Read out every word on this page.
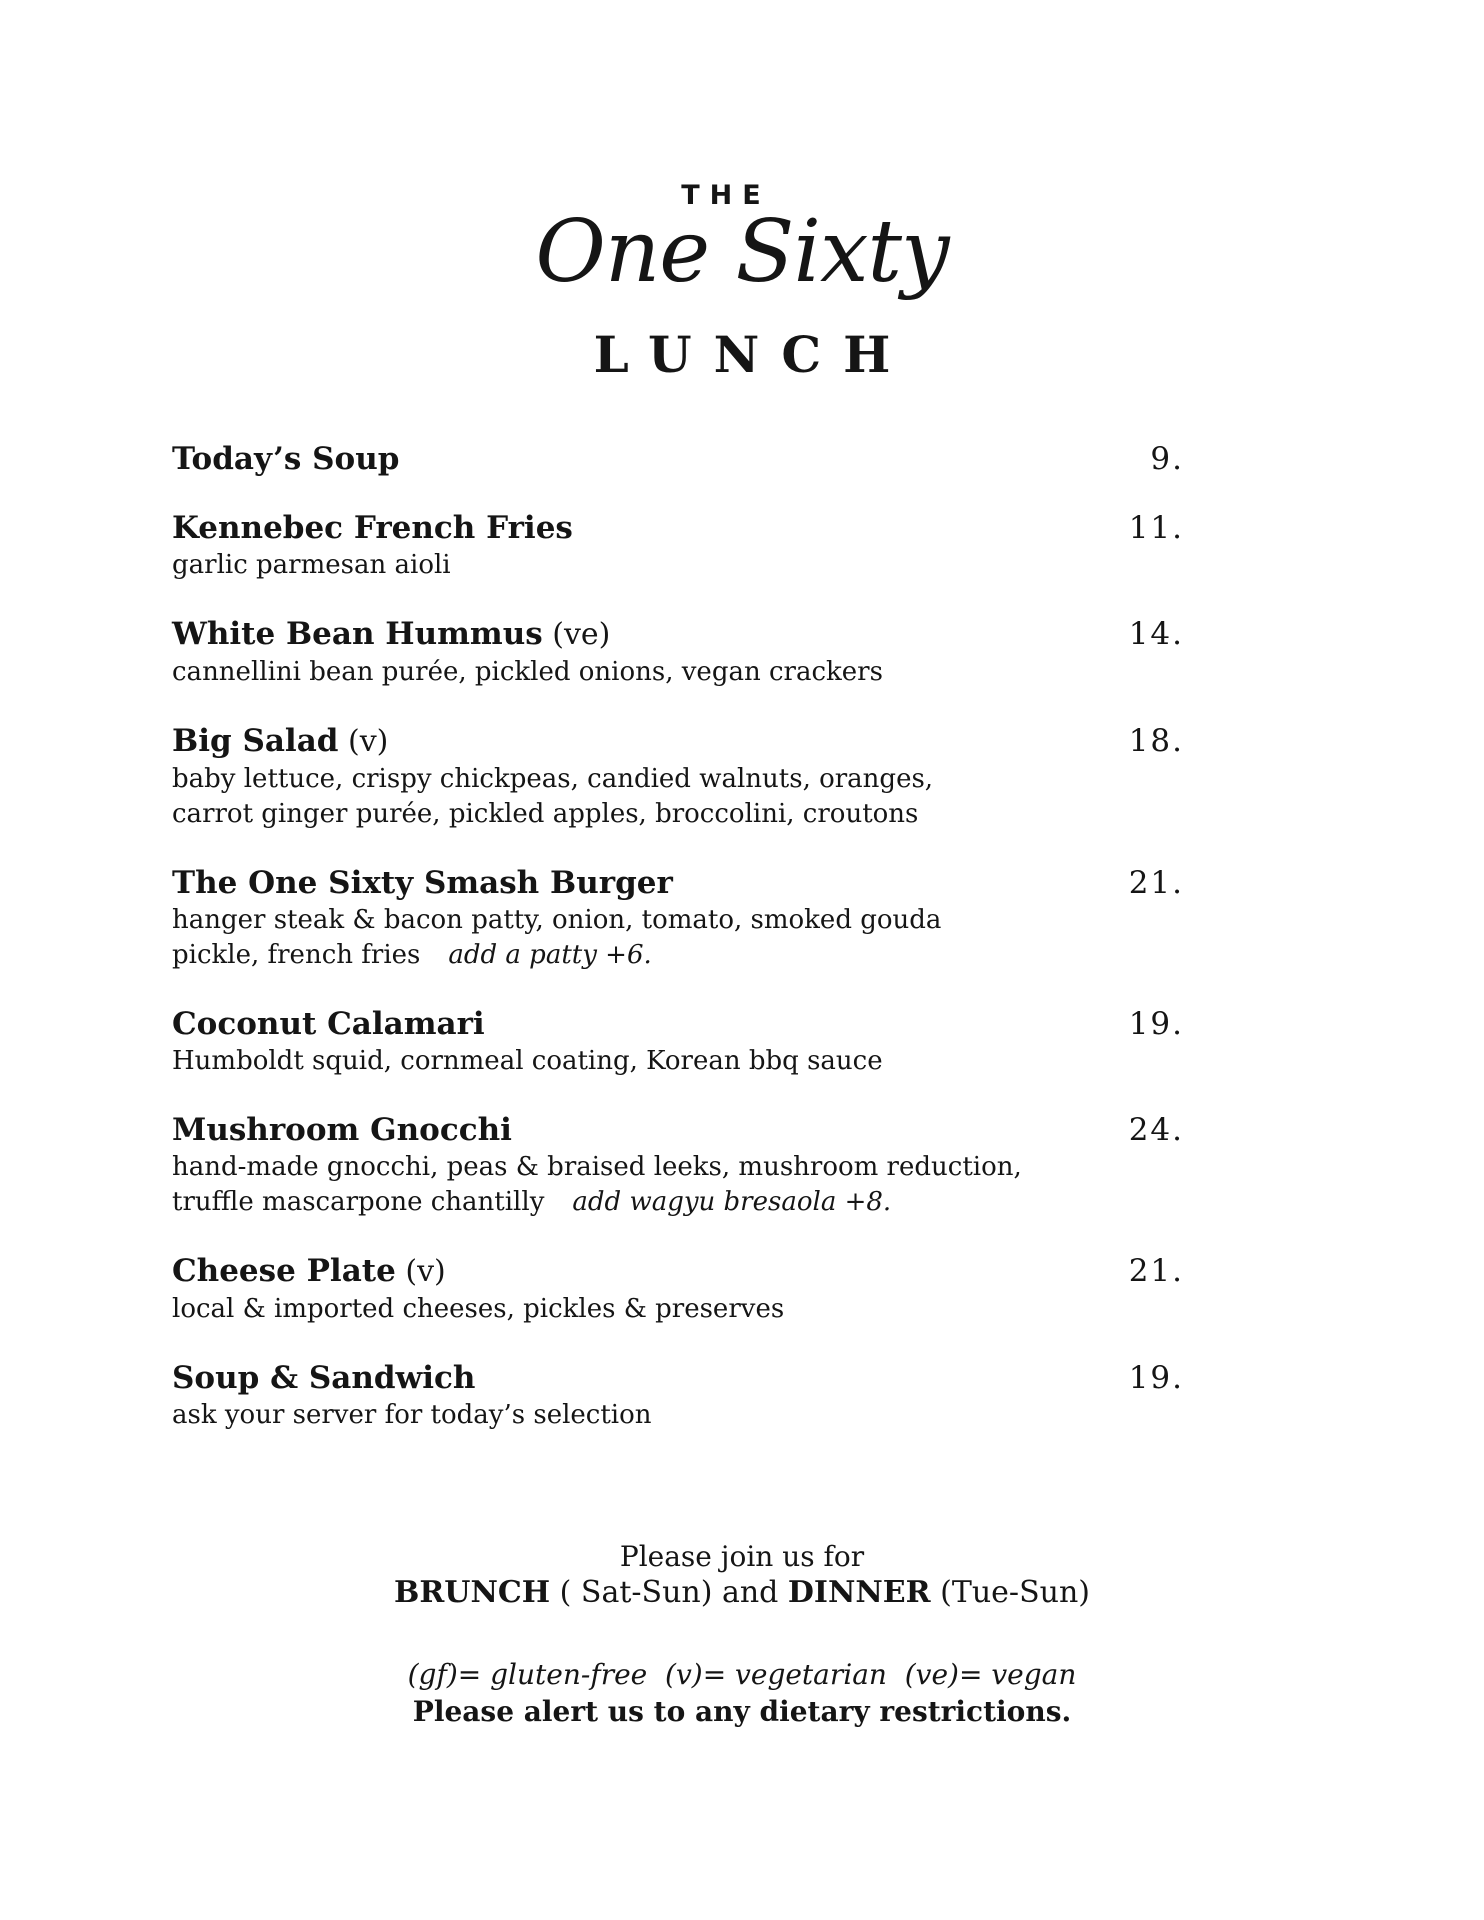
THE
One Sixty
LUNCH
Today’s Soup	9.
Kennebec French Fries	11.
garlic parmesan aioli
White Bean Hummus (ve)	14.
cannellini bean purée, pickled onions, vegan crackers
Big Salad (v)	18.
baby lettuce, crispy chickpeas, candied walnuts, oranges,
carrot ginger purée, pickled apples, broccolini, croutons
The One Sixty Smash Burger	21.
hanger steak & bacon patty, onion, tomato, smoked gouda
pickle, french fries add a patty +6.
Coconut Calamari	19.
Humboldt squid, cornmeal coating, Korean bbq sauce
Mushroom Gnocchi	24.
hand-made gnocchi, peas & braised leeks, mushroom reduction,
truffle mascarpone chantilly add wagyu bresaola +8.
Cheese Plate (v)	21.
local & imported cheeses, pickles & preserves
Soup & Sandwich	19.
ask your server for today’s selection
Please join us for
BRUNCH ( Sat-Sun) and DINNER (Tue-Sun)
(gf)= gluten-free  (v)= vegetarian  (ve)= vegan
Please alert us to any dietary restrictions.
